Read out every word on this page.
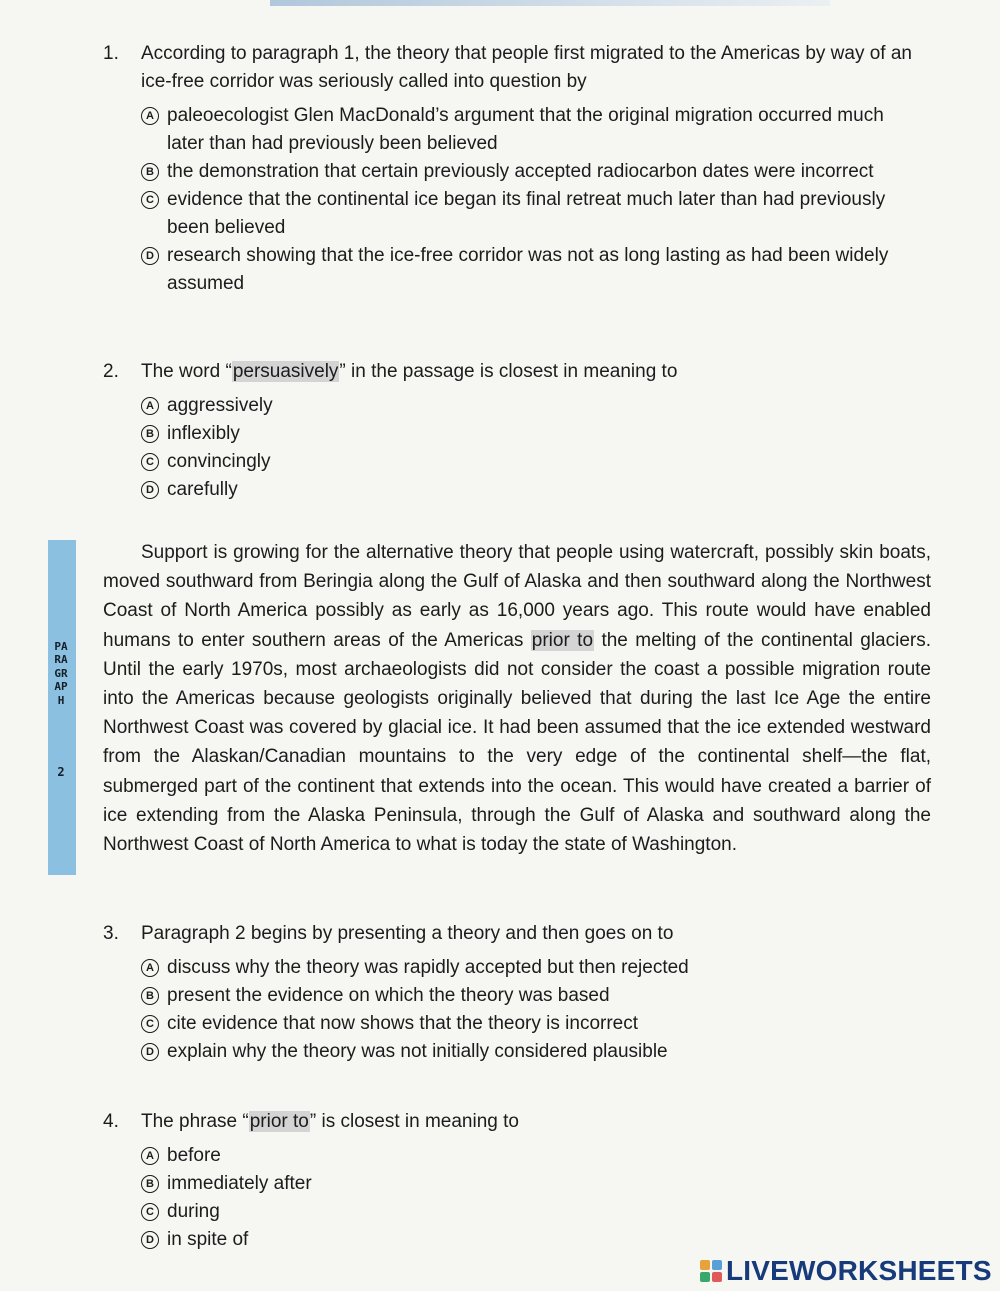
1. According to paragraph 1, the theory that people first migrated to the Americas by way of an ice-free corridor was seriously called into question by
A paleoecologist Glen MacDonald’s argument that the original migration occurred much later than had previously been believed
B the demonstration that certain previously accepted radiocarbon dates were incorrect
C evidence that the continental ice began its final retreat much later than had previously been believed
D research showing that the ice-free corridor was not as long lasting as had been widely assumed
2. The word “persuasively” in the passage is closest in meaning to
A aggressively
B inflexibly
C convincingly
D carefully
PARAGRAPH
2
Support is growing for the alternative theory that people using watercraft, possibly skin boats, moved southward from Beringia along the Gulf of Alaska and then southward along the Northwest Coast of North America possibly as early as 16,000 years ago. This route would have enabled humans to enter southern areas of the Americas prior to the melting of the continental glaciers. Until the early 1970s, most archaeologists did not consider the coast a possible migration route into the Americas because geologists originally believed that during the last Ice Age the entire Northwest Coast was covered by glacial ice. It had been assumed that the ice extended westward from the Alaskan/Canadian mountains to the very edge of the continental shelf—the flat, submerged part of the continent that extends into the ocean. This would have created a barrier of ice extending from the Alaska Peninsula, through the Gulf of Alaska and southward along the Northwest Coast of North America to what is today the state of Washington.
3. Paragraph 2 begins by presenting a theory and then goes on to
A discuss why the theory was rapidly accepted but then rejected
B present the evidence on which the theory was based
C cite evidence that now shows that the theory is incorrect
D explain why the theory was not initially considered plausible
4. The phrase “prior to” is closest in meaning to
A before
B immediately after
C during
D in spite of
LIVEWORKSHEETS
